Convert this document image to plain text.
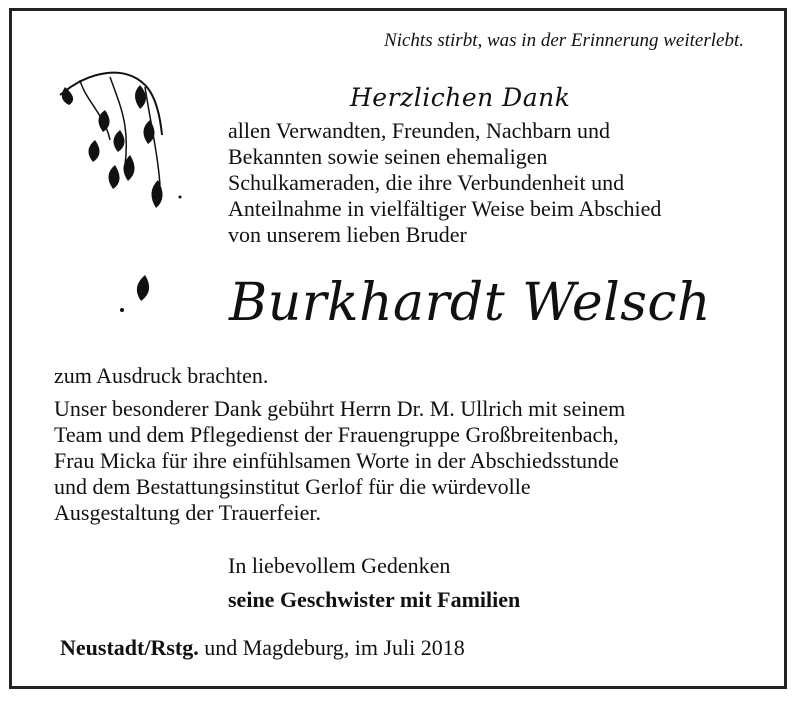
Nichts stirbt, was in der Erinnerung weiterlebt.
Herzlichen Dank
allen Verwandten, Freunden, Nachbarn und
Bekannten sowie seinen ehemaligen
Schulkameraden, die ihre Verbundenheit und
Anteilnahme in vielfältiger Weise beim Abschied
von unserem lieben Bruder
Burkhardt Welsch
zum Ausdruck brachten.
Unser besonderer Dank gebührt Herrn Dr. M. Ullrich mit seinem
Team und dem Pflegedienst der Frauengruppe Großbreitenbach,
Frau Micka für ihre einfühlsamen Worte in der Abschiedsstunde
und dem Bestattungsinstitut Gerlof für die würdevolle
Ausgestaltung der Trauerfeier.
In liebevollem Gedenken
seine Geschwister mit Familien
Neustadt/Rstg. und Magdeburg, im Juli 2018
